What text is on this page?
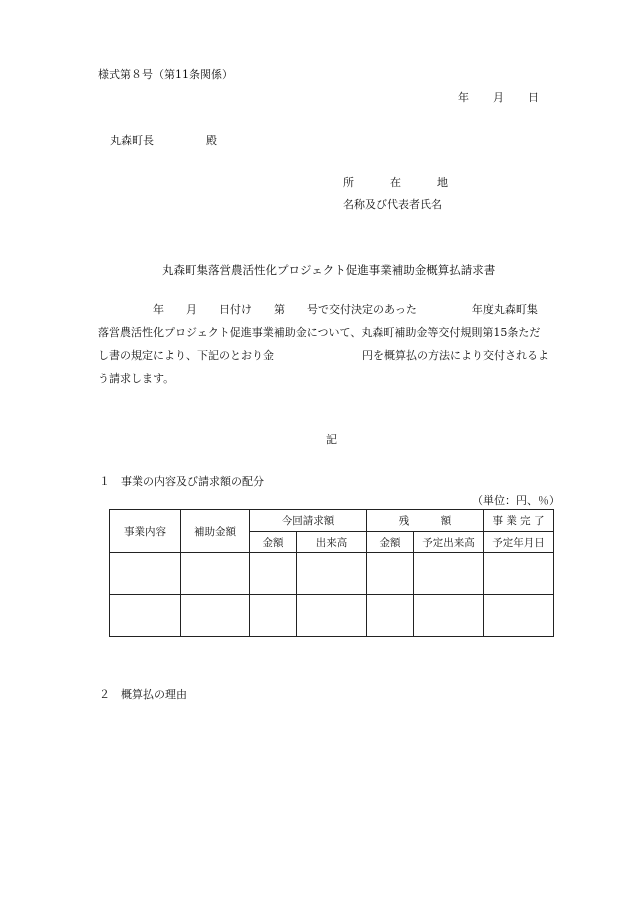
様式第８号（第11条関係）
年 月 日
丸森町長	殿
所	在	地
名称及び代表者氏名
丸森町集落営農活性化プロジェクト促進事業補助金概算払請求書
　　　　　年　　月　　日付け　　第　　号で交付決定のあった　　　　　年度丸森町集
落営農活性化プロジェクト促進事業補助金について、丸森町補助金等交付規則第15条ただ
し書の規定により、下記のとおり金　　　　　　　　円を概算払の方法により交付されるよ
う請求します。
記
１　事業の内容及び請求額の配分
（単位：円、％）
事業内容	補助金額	今回請求額		残　　　額		事 業 完 了
		金額	出来高	金額	予定出来高	予定年月日

２　概算払の理由
